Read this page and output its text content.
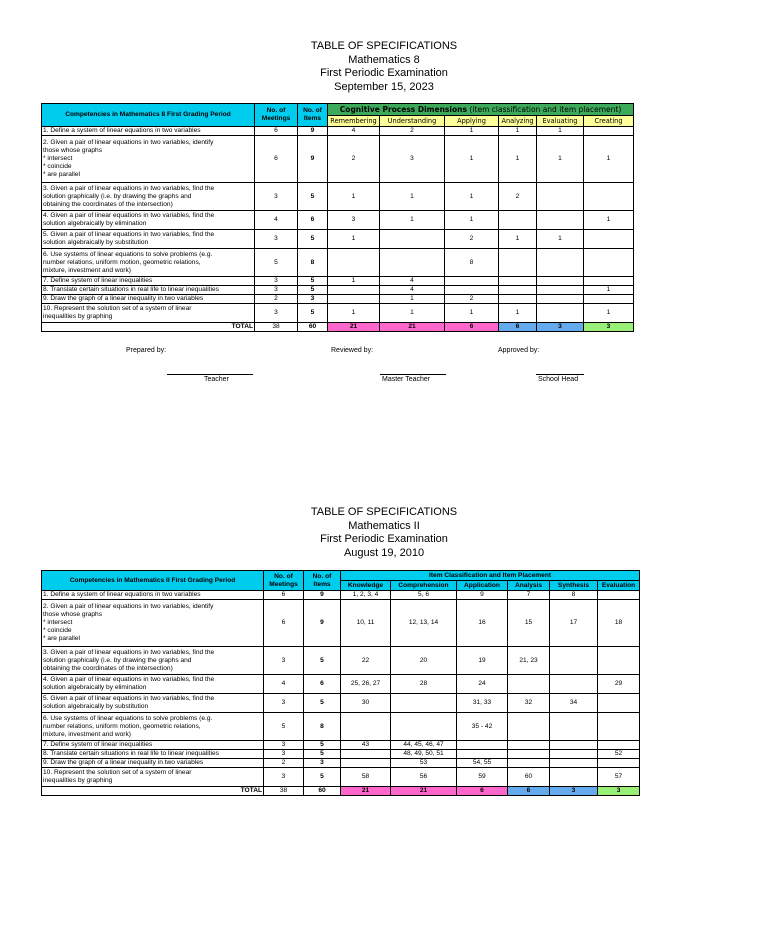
TABLE OF SPECIFICATIONS
Mathematics 8
First Periodic Examination
September 15, 2023
Competencies in Mathematics 8 First Grading Period	No. of Meetings	No. of Items	Cognitive Process Dimensions (item classification and item placement)					
			Remembering	Understanding	Applying	Analyzing	Evaluating	Creating
1. Define a system of linear equations in two variables	6	9	4	2	1	1	1	
2. Given a pair of linear equations in two variables, identify
those whose graphs
* intersect
* coincide
* are parallel	6	9	2	3	1	1	1	1
3. Given a pair of linear equations in two variables, find the
solution graphically (i.e. by drawing the graphs and
obtaining the coordinates of the intersection)	3	5	1	1	1	2		
4. Given a pair of linear equations in two variables, find the
solution algebraically by elimination	4	6	3	1	1			1
5. Given a pair of linear equations in two variables, find the
solution algebraically by substitution	3	5	1		2	1	1	
6. Use systems of linear equations to solve problems (e.g.
number relations, uniform motion, geometric relations,
mixture, investment and work)	5	8			8			
7. Define system of linear inequalities	3	5	1	4				
8. Translate certain situations in real life to linear inequalities	3	5		4				1
9. Draw the graph of a linear inequality in two variables	2	3		1	2			
10. Represent the solution set of a system of linear
inequalities by graphing	3	5	1	1	1	1		1
TOTAL	38	60	21	21	6	6	3	3
Prepared by:	Reviewed by:	Approved by:
Teacher	Master Teacher	School Head
TABLE OF SPECIFICATIONS
Mathematics II
First Periodic Examination
August 19, 2010
Competencies in Mathematics II First Grading Period	No. of Meetings	No. of Items	Item Classification and Item Placement					
			Knowledge	Comprehension	Application	Analysis	Synthesis	Evaluation
1. Define a system of linear equations in two variables	6	9	1, 2, 3, 4	5, 6	9	7	8	
2. Given a pair of linear equations in two variables, identify
those whose graphs
* intersect
* coincide
* are parallel	6	9	10, 11	12, 13, 14	16	15	17	18
3. Given a pair of linear equations in two variables, find the
solution graphically (i.e. by drawing the graphs and
obtaining the coordinates of the intersection)	3	5	22	20	19	21, 23		
4. Given a pair of linear equations in two variables, find the
solution algebraically by elimination	4	6	25, 26, 27	28	24			29
5. Given a pair of linear equations in two variables, find the
solution algebraically by substitution	3	5	30		31, 33	32	34	
6. Use systems of linear equations to solve problems (e.g.
number relations, uniform motion, geometric relations,
mixture, investment and work)	5	8			35 - 42			
7. Define system of linear inequalities	3	5	43	44, 45, 46, 47				
8. Translate certain situations in real life to linear inequalities	3	5		48, 49, 50, 51				52
9. Draw the graph of a linear inequality in two variables	2	3		53	54, 55			
10. Represent the solution set of a system of linear
inequalities by graphing	3	5	58	56	59	60		57
TOTAL	38	60	21	21	6	6	3	3
